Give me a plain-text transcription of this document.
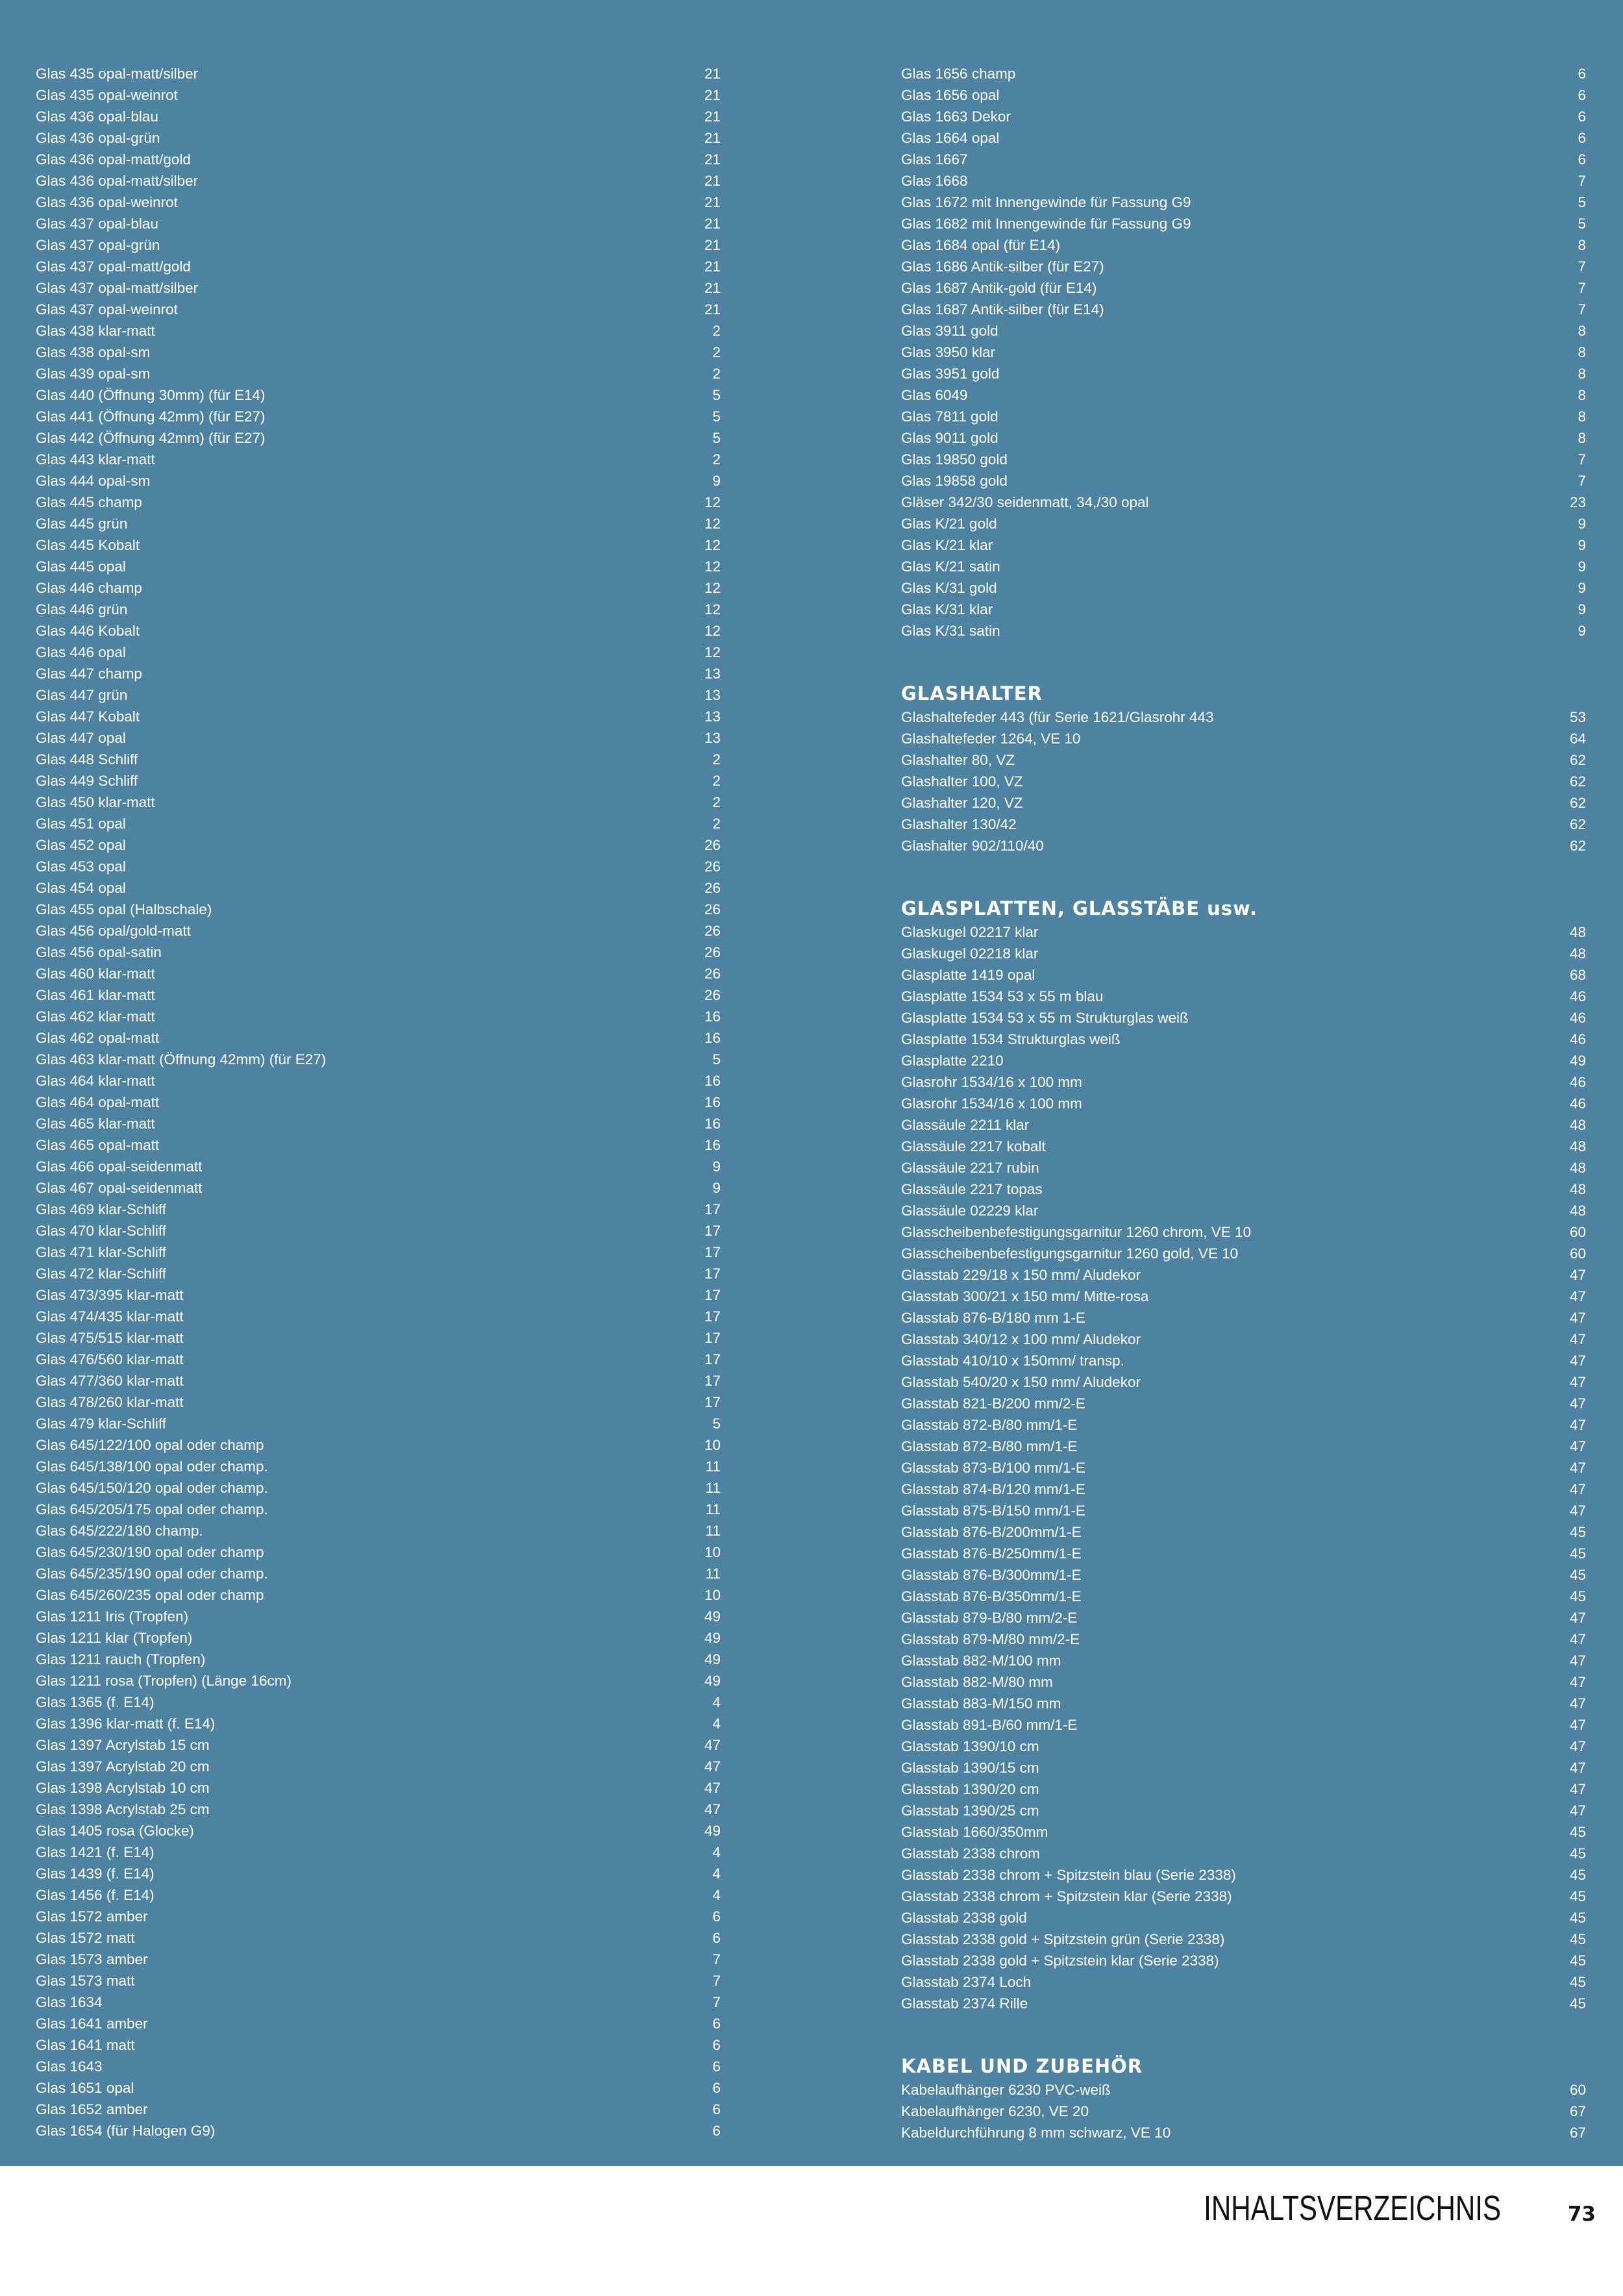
Glas 435 opal-matt/silber	21
Glas 435 opal-weinrot	21
Glas 436 opal-blau	21
Glas 436 opal-grün	21
Glas 436 opal-matt/gold	21
Glas 436 opal-matt/silber	21
Glas 436 opal-weinrot	21
Glas 437 opal-blau	21
Glas 437 opal-grün	21
Glas 437 opal-matt/gold	21
Glas 437 opal-matt/silber	21
Glas 437 opal-weinrot	21
Glas 438 klar-matt	2
Glas 438 opal-sm	2
Glas 439 opal-sm	2
Glas 440 (Öffnung 30mm) (für E14)	5
Glas 441 (Öffnung 42mm) (für E27)	5
Glas 442 (Öffnung 42mm) (für E27)	5
Glas 443 klar-matt	2
Glas 444 opal-sm	9
Glas 445 champ	12
Glas 445 grün	12
Glas 445 Kobalt	12
Glas 445 opal	12
Glas 446 champ	12
Glas 446 grün	12
Glas 446 Kobalt	12
Glas 446 opal	12
Glas 447 champ	13
Glas 447 grün	13
Glas 447 Kobalt	13
Glas 447 opal	13
Glas 448 Schliff	2
Glas 449 Schliff	2
Glas 450 klar-matt	2
Glas 451 opal	2
Glas 452 opal	26
Glas 453 opal	26
Glas 454 opal	26
Glas 455 opal (Halbschale)	26
Glas 456 opal/gold-matt	26
Glas 456 opal-satin	26
Glas 460 klar-matt	26
Glas 461 klar-matt	26
Glas 462 klar-matt	16
Glas 462 opal-matt	16
Glas 463 klar-matt (Öffnung 42mm) (für E27)	5
Glas 464 klar-matt	16
Glas 464 opal-matt	16
Glas 465 klar-matt	16
Glas 465 opal-matt	16
Glas 466 opal-seidenmatt	9
Glas 467 opal-seidenmatt	9
Glas 469 klar-Schliff	17
Glas 470 klar-Schliff	17
Glas 471 klar-Schliff	17
Glas 472 klar-Schliff	17
Glas 473/395 klar-matt	17
Glas 474/435 klar-matt	17
Glas 475/515 klar-matt	17
Glas 476/560 klar-matt	17
Glas 477/360 klar-matt	17
Glas 478/260 klar-matt	17
Glas 479 klar-Schliff	5
Glas 645/122/100 opal oder champ	10
Glas 645/138/100 opal oder champ.	11
Glas 645/150/120 opal oder champ.	11
Glas 645/205/175 opal oder champ.	11
Glas 645/222/180 champ.	11
Glas 645/230/190 opal oder champ	10
Glas 645/235/190 opal oder champ.	11
Glas 645/260/235 opal oder champ	10
Glas 1211 Iris (Tropfen)	49
Glas 1211 klar (Tropfen)	49
Glas 1211 rauch (Tropfen)	49
Glas 1211 rosa (Tropfen) (Länge 16cm)	49
Glas 1365 (f. E14)	4
Glas 1396 klar-matt (f. E14)	4
Glas 1397 Acrylstab 15 cm	47
Glas 1397 Acrylstab 20 cm	47
Glas 1398 Acrylstab 10 cm	47
Glas 1398 Acrylstab 25 cm	47
Glas 1405 rosa (Glocke)	49
Glas 1421 (f. E14)	4
Glas 1439 (f. E14)	4
Glas 1456 (f. E14)	4
Glas 1572 amber	6
Glas 1572 matt	6
Glas 1573 amber	7
Glas 1573 matt	7
Glas 1634	7
Glas 1641 amber	6
Glas 1641 matt	6
Glas 1643	6
Glas 1651 opal	6
Glas 1652 amber	6
Glas 1654 (für Halogen G9)	6
Glas 1656 champ	6
Glas 1656 opal	6
Glas 1663 Dekor	6
Glas 1664 opal	6
Glas 1667	6
Glas 1668	7
Glas 1672 mit Innengewinde für Fassung G9	5
Glas 1682 mit Innengewinde für Fassung G9	5
Glas 1684 opal (für E14)	8
Glas 1686 Antik-silber (für E27)	7
Glas 1687 Antik-gold (für E14)	7
Glas 1687 Antik-silber (für E14)	7
Glas 3911 gold	8
Glas 3950 klar	8
Glas 3951 gold	8
Glas 6049	8
Glas 7811 gold	8
Glas 9011 gold	8
Glas 19850 gold	7
Glas 19858 gold	7
Gläser 342/30 seidenmatt, 34,/30 opal	23
Glas K/21 gold	9
Glas K/21 klar	9
Glas K/21 satin	9
Glas K/31 gold	9
Glas K/31 klar	9
Glas K/31 satin	9
GLASHALTER
Glashaltefeder 443 (für Serie 1621/Glasrohr 443	53
Glashaltefeder 1264, VE 10	64
Glashalter 80, VZ	62
Glashalter 100, VZ	62
Glashalter 120, VZ	62
Glashalter 130/42	62
Glashalter 902/110/40	62
GLASPLATTEN, GLASSTÄBE usw.
Glaskugel 02217 klar	48
Glaskugel 02218 klar	48
Glasplatte 1419 opal	68
Glasplatte 1534 53 x 55 m blau	46
Glasplatte 1534 53 x 55 m Strukturglas weiß	46
Glasplatte 1534 Strukturglas weiß	46
Glasplatte 2210	49
Glasrohr 1534/16 x 100 mm	46
Glasrohr 1534/16 x 100 mm	46
Glassäule 2211 klar	48
Glassäule 2217 kobalt	48
Glassäule 2217 rubin	48
Glassäule 2217 topas	48
Glassäule 02229 klar	48
Glasscheibenbefestigungsgarnitur 1260 chrom, VE 10	60
Glasscheibenbefestigungsgarnitur 1260 gold, VE 10	60
Glasstab 229/18 x 150 mm/ Aludekor	47
Glasstab 300/21 x 150 mm/ Mitte-rosa	47
Glasstab 876-B/180 mm 1-E	47
Glasstab 340/12 x 100 mm/ Aludekor	47
Glasstab 410/10 x 150mm/ transp.	47
Glasstab 540/20 x 150 mm/ Aludekor	47
Glasstab 821-B/200 mm/2-E	47
Glasstab 872-B/80 mm/1-E	47
Glasstab 872-B/80 mm/1-E	47
Glasstab 873-B/100 mm/1-E	47
Glasstab 874-B/120 mm/1-E	47
Glasstab 875-B/150 mm/1-E	47
Glasstab 876-B/200mm/1-E	45
Glasstab 876-B/250mm/1-E	45
Glasstab 876-B/300mm/1-E	45
Glasstab 876-B/350mm/1-E	45
Glasstab 879-B/80 mm/2-E	47
Glasstab 879-M/80 mm/2-E	47
Glasstab 882-M/100 mm	47
Glasstab 882-M/80 mm	47
Glasstab 883-M/150 mm	47
Glasstab 891-B/60 mm/1-E	47
Glasstab 1390/10 cm	47
Glasstab 1390/15 cm	47
Glasstab 1390/20 cm	47
Glasstab 1390/25 cm	47
Glasstab 1660/350mm	45
Glasstab 2338 chrom	45
Glasstab 2338 chrom + Spitzstein blau (Serie 2338)	45
Glasstab 2338 chrom + Spitzstein klar (Serie 2338)	45
Glasstab 2338 gold	45
Glasstab 2338 gold + Spitzstein grün (Serie 2338)	45
Glasstab 2338 gold + Spitzstein klar (Serie 2338)	45
Glasstab 2374 Loch	45
Glasstab 2374 Rille	45
KABEL UND ZUBEHÖR
Kabelaufhänger 6230 PVC-weiß	60
Kabelaufhänger 6230, VE 20	67
Kabeldurchführung 8 mm schwarz, VE 10	67
INHALTSVERZEICHNIS	73
